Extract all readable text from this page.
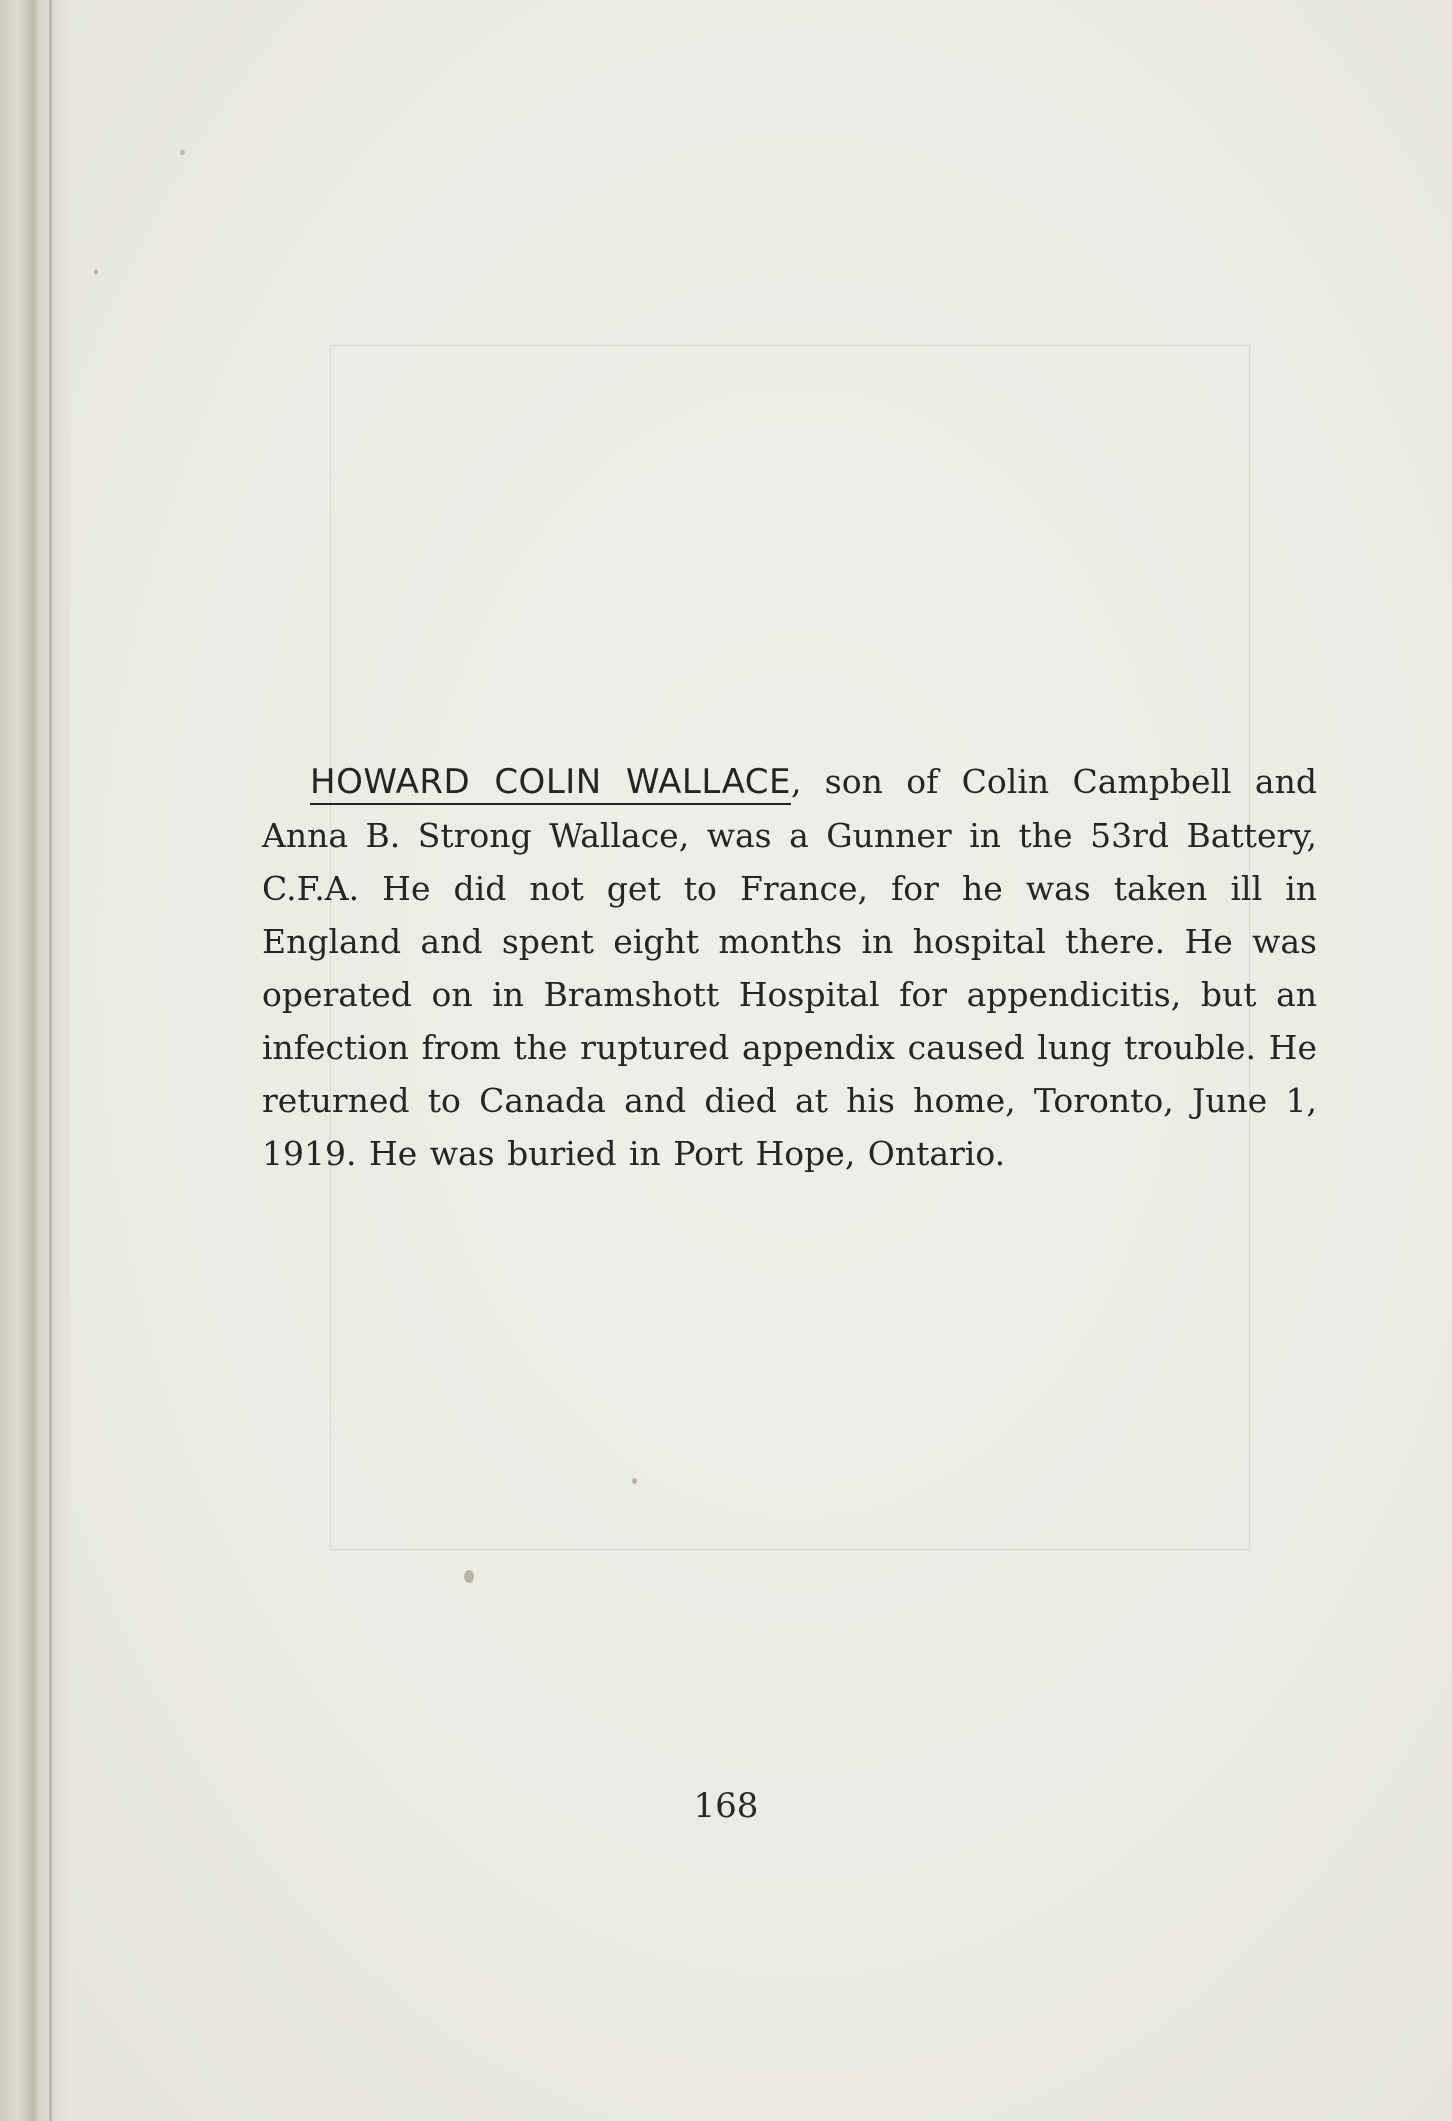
HOWARD COLIN WALLACE, son of Colin Campbell and Anna B. Strong Wallace, was a Gunner in the 53rd Battery, C.F.A. He did not get to France, for he was taken ill in England and spent eight months in hospital there. He was operated on in Bramshott Hospital for appendicitis, but an infection from the ruptured appendix caused lung trouble. He returned to Canada and died at his home, Toronto, June 1, 1919. He was buried in Port Hope, Ontario.

168
